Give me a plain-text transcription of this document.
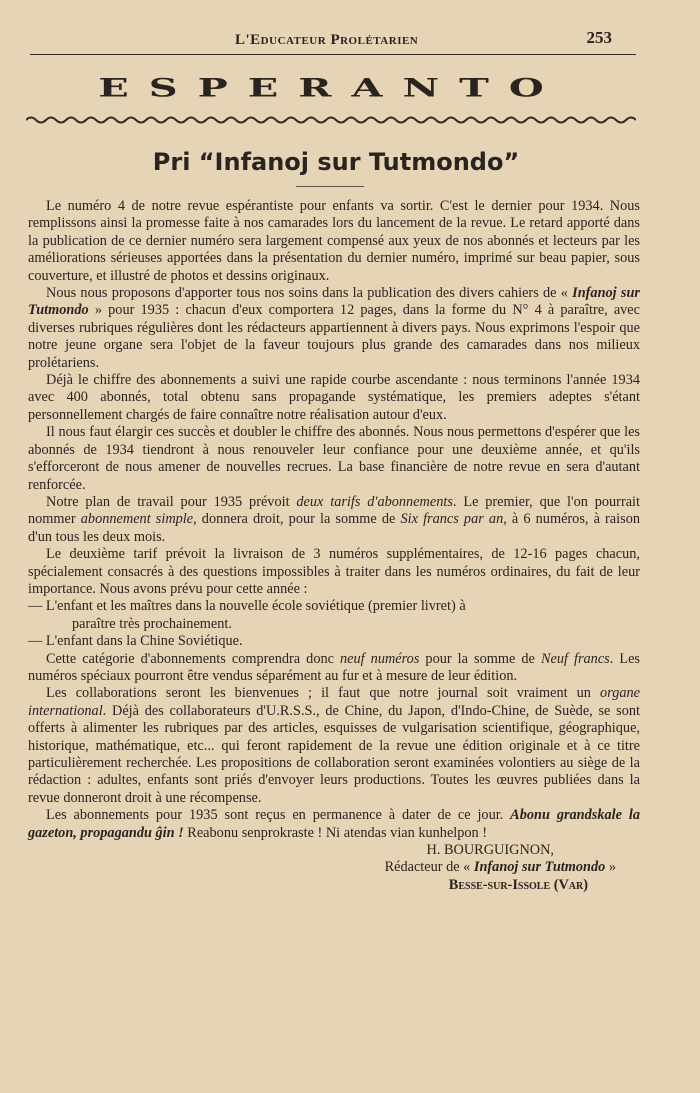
L'Educateur Prolétarien	253
ESPERANTO
Pri “Infanoj sur Tutmondo”

Le numéro 4 de notre revue espérantiste pour enfants va sortir. C'est le dernier pour 1934. Nous remplissons ainsi la promesse faite à nos camarades lors du lancement de la revue. Le retard apporté dans la publication de ce dernier numéro sera largement compensé aux yeux de nos abonnés et lecteurs par les améliorations sérieuses apportées dans la présentation du dernier numéro, imprimé sur beau papier, sous couverture, et illustré de photos et dessins originaux.

Nous nous proposons d'apporter tous nos soins dans la publication des divers cahiers de « Infanoj sur Tutmondo » pour 1935 : chacun d'eux comportera 12 pages, dans la forme du N° 4 à paraître, avec diverses rubriques régulières dont les rédacteurs appartiennent à divers pays. Nous exprimons l'espoir que notre jeune organe sera l'objet de la faveur toujours plus grande des camarades dans nos milieux prolétariens.

Déjà le chiffre des abonnements a suivi une rapide courbe ascendante : nous terminons l'année 1934 avec 400 abonnés, total obtenu sans propagande systématique, les premiers adeptes s'étant personnellement chargés de faire connaître notre réalisation autour d'eux.

Il nous faut élargir ces succès et doubler le chiffre des abonnés. Nous nous permettons d'espérer que les abonnés de 1934 tiendront à nous renouveler leur confiance pour une deuxième année, et qu'ils s'efforceront de nous amener de nouvelles recrues. La base financière de notre revue en sera d'autant renforcée.

Notre plan de travail pour 1935 prévoit deux tarifs d'abonnements. Le premier, que l'on pourrait nommer abonnement simple, donnera droit, pour la somme de Six francs par an, à 6 numéros, à raison d'un tous les deux mois.

Le deuxième tarif prévoit la livraison de 3 numéros supplémentaires, de 12-16 pages chacun, spécialement consacrés à des questions impossibles à traiter dans les numéros ordinaires, du fait de leur importance. Nous avons prévu pour cette année :

— L'enfant et les maîtres dans la nouvelle école soviétique (premier livret) à

paraître très prochainement.

— L'enfant dans la Chine Soviétique.

Cette catégorie d'abonnements comprendra donc neuf numéros pour la somme de Neuf francs. Les numéros spéciaux pourront être vendus séparément au fur et à mesure de leur édition.

Les collaborations seront les bienvenues ; il faut que notre journal soit vraiment un organe international. Déjà des collaborateurs d'U.R.S.S., de Chine, du Japon, d'Indo-Chine, de Suède, se sont offerts à alimenter les rubriques par des articles, esquisses de vulgarisation scientifique, géographique, historique, mathématique, etc... qui feront rapidement de la revue une édition originale et à ce titre particulièrement recherchée. Les propositions de collaboration seront examinées volontiers au siège de la rédaction : adultes, enfants sont priés d'envoyer leurs productions. Toutes les œuvres publiées dans la revue donneront droit à une récompense.

Les abonnements pour 1935 sont reçus en permanence à dater de ce jour. Abonu grandskale la gazeton, propagandu ĝin ! Reabonu senprokraste ! Ni atendas vian kunhelpon !

H. BOURGUIGNON,

Rédacteur de « Infanoj sur Tutmondo »

Besse-sur-Issole (Var)
